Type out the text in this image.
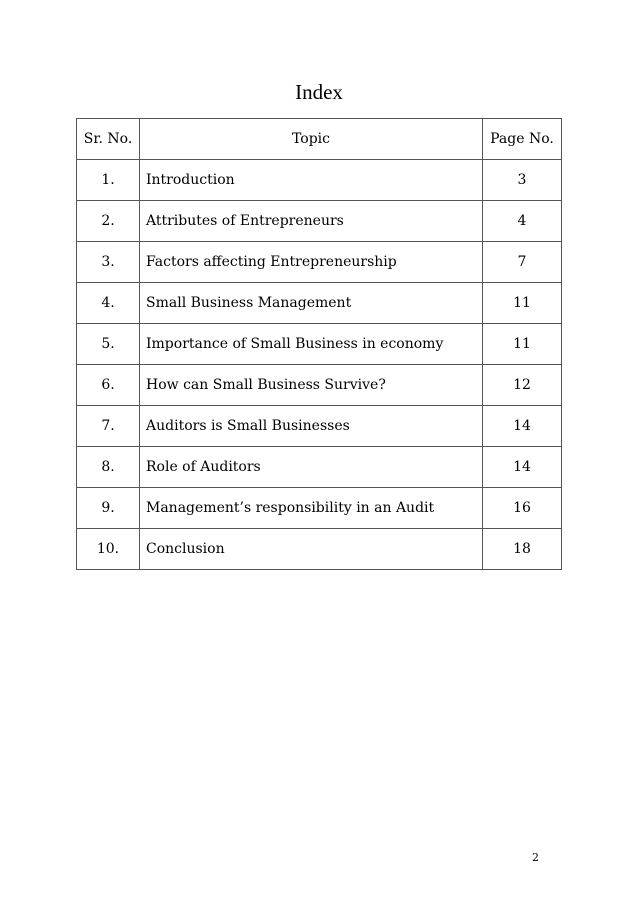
Index
Sr. No.	Topic	Page No.
1.	Introduction	3
2.	Attributes of Entrepreneurs	4
3.	Factors affecting Entrepreneurship	7
4.	Small Business Management	11
5.	Importance of Small Business in economy	11
6.	How can Small Business Survive?	12
7.	Auditors is Small Businesses	14
8.	Role of Auditors	14
9.	Management’s responsibility in an Audit	16
10.	Conclusion	18
2
